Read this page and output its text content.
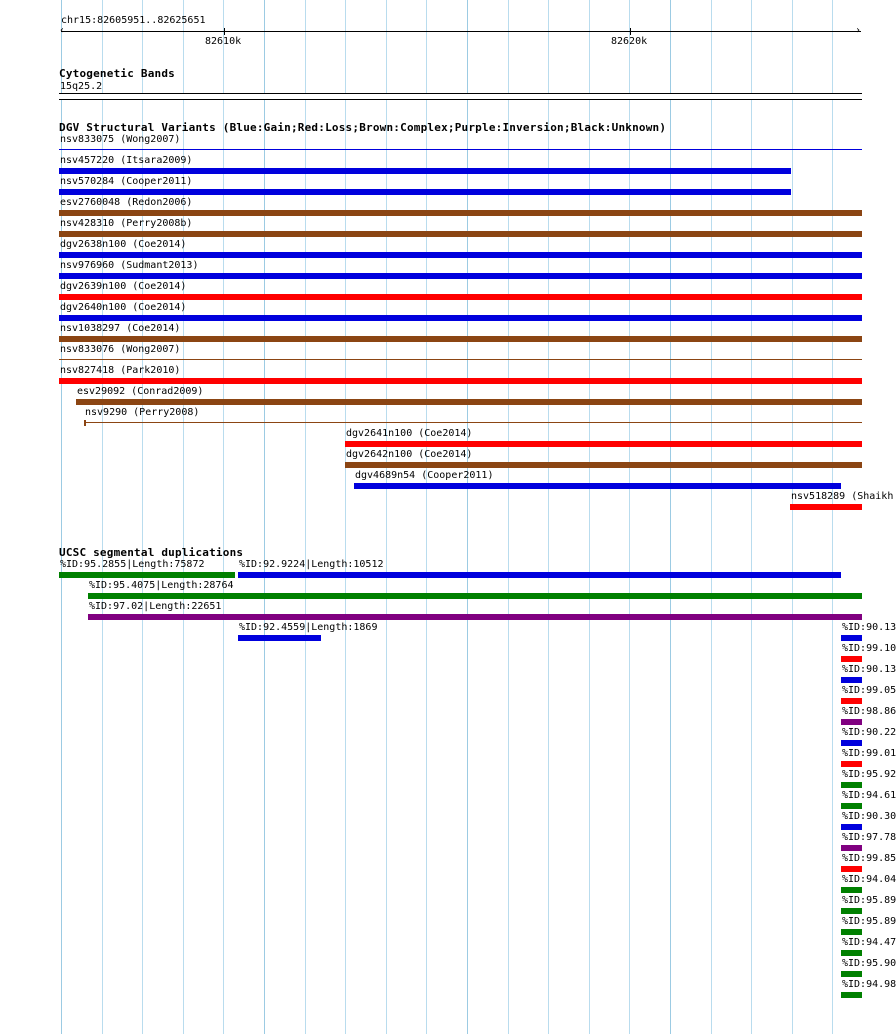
chr15:82605951..82625651
‹	›
82610k	82620k
Cytogenetic Bands
15q25.2
DGV Structural Variants (Blue:Gain;Red:Loss;Brown:Complex;Purple:Inversion;Black:Unknown)
nsv833075 (Wong2007)
nsv457220 (Itsara2009)
nsv570284 (Cooper2011)
esv2760048 (Redon2006)
nsv428310 (Perry2008b)
dgv2638n100 (Coe2014)
nsv976960 (Sudmant2013)
dgv2639n100 (Coe2014)
dgv2640n100 (Coe2014)
nsv1038297 (Coe2014)
nsv833076 (Wong2007)
nsv827418 (Park2010)
esv29092 (Conrad2009)
nsv9290 (Perry2008)
dgv2641n100 (Coe2014)
dgv2642n100 (Coe2014)
dgv4689n54 (Cooper2011)
nsv518289 (Shaikh
UCSC segmental duplications
%ID:95.2855|Length:75872	%ID:92.9224|Length:10512
%ID:95.4075|Length:28764
%ID:97.02|Length:22651
%ID:92.4559|Length:1869	%ID:90.13
%ID:99.10
%ID:90.13
%ID:99.05
%ID:98.86
%ID:90.22
%ID:99.01
%ID:95.92
%ID:94.61
%ID:90.30
%ID:97.78
%ID:99.85
%ID:94.04
%ID:95.89
%ID:95.89
%ID:94.47
%ID:95.90
%ID:94.98
